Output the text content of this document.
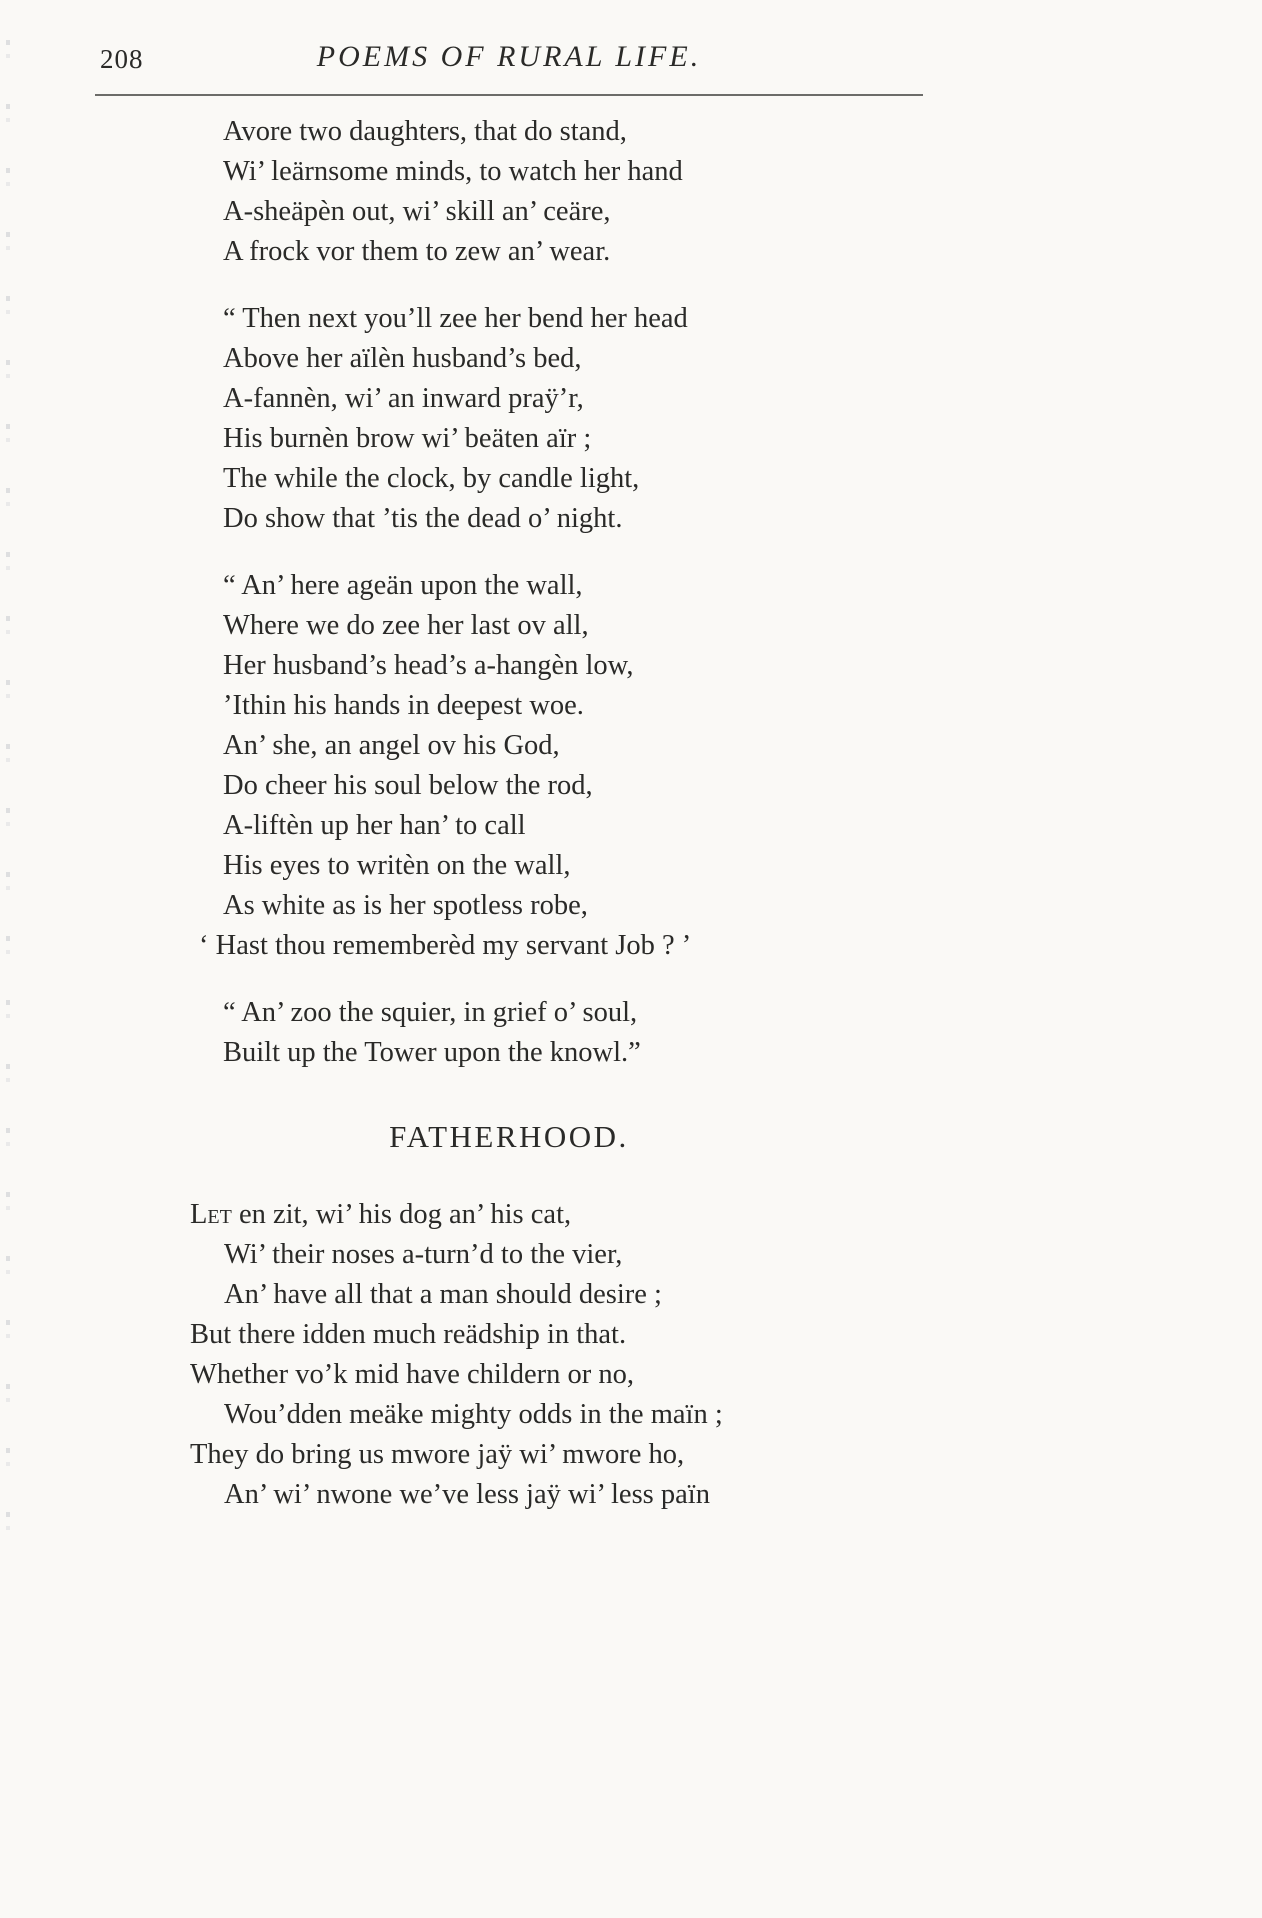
208	POEMS OF RURAL LIFE.
Avore two daughters, that do stand,
Wi’ leärnsome minds, to watch her hand
A-sheäpèn out, wi’ skill an’ ceäre,
A frock vor them to zew an’ wear.
“ Then next you’ll zee her bend her head
Above her aïlèn husband’s bed,
A-fannèn, wi’ an inward praÿ’r,
His burnèn brow wi’ beäten aïr ;
The while the clock, by candle light,
Do show that ’tis the dead o’ night.
“ An’ here ageän upon the wall,
Where we do zee her last ov all,
Her husband’s head’s a-hangèn low,
’Ithin his hands in deepest woe.
An’ she, an angel ov his God,
Do cheer his soul below the rod,
A-liftèn up her han’ to call
His eyes to writèn on the wall,
As white as is her spotless robe,
‘ Hast thou rememberèd my servant Job ? ’
“ An’ zoo the squier, in grief o’ soul,
Built up the Tower upon the knowl.”
FATHERHOOD.
Let en zit, wi’ his dog an’ his cat,
Wi’ their noses a-turn’d to the vier,
An’ have all that a man should desire ;
But there idden much reädship in that.
Whether vo’k mid have childern or no,
Wou’dden meäke mighty odds in the maïn ;
They do bring us mwore jaÿ wi’ mwore ho,
An’ wi’ nwone we’ve less jaÿ wi’ less païn
